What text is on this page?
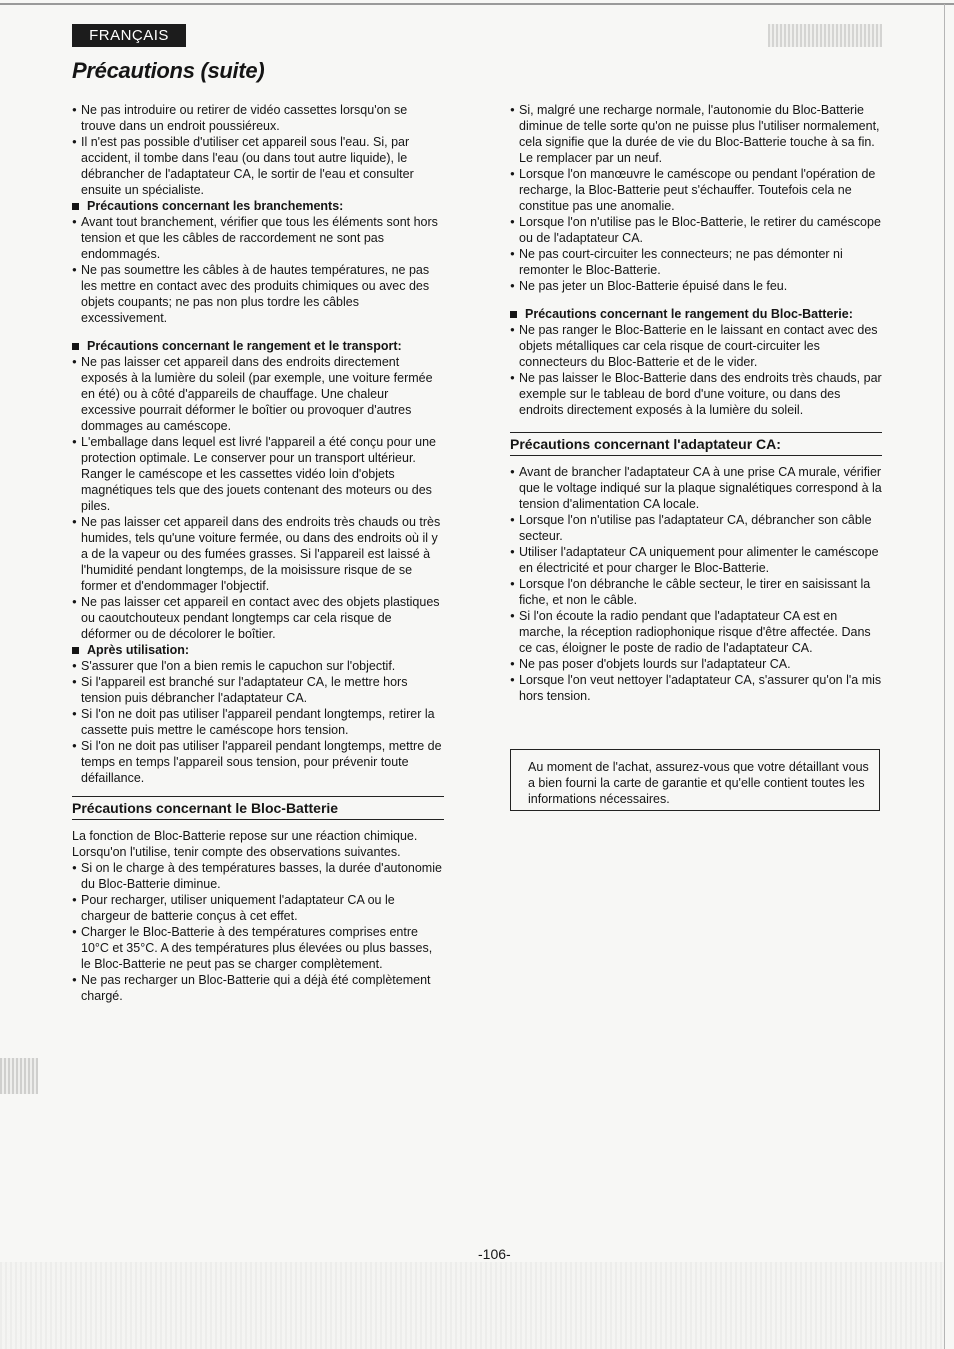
FRANÇAIS
Précautions (suite)
● Ne pas introduire ou retirer de vidéo cassettes lorsqu'on se trouve dans un endroit poussiéreux.
● Il n'est pas possible d'utiliser cet appareil sous l'eau. Si, par accident, il tombe dans l'eau (ou dans tout autre liquide), le débrancher de l'adaptateur CA, le sortir de l'eau et consulter ensuite un spécialiste.

Précautions concernant les branchements:

● Avant tout branchement, vérifier que tous les éléments sont hors tension et que les câbles de raccordement ne sont pas endommagés.
● Ne pas soumettre les câbles à de hautes températures, ne pas les mettre en contact avec des produits chimiques ou avec des objets coupants; ne pas non plus tordre les câbles excessivement.

Précautions concernant le rangement et le transport:

● Ne pas laisser cet appareil dans des endroits directement exposés à la lumière du soleil (par exemple, une voiture fermée en été) ou à côté d'appareils de chauffage. Une chaleur excessive pourrait déformer le boîtier ou provoquer d'autres dommages au caméscope.
● L'emballage dans lequel est livré l'appareil a été conçu pour une protection optimale. Le conserver pour un transport ultérieur. Ranger le caméscope et les cassettes vidéo loin d'objets magnétiques tels que des jouets contenant des moteurs ou des piles.
● Ne pas laisser cet appareil dans des endroits très chauds ou très humides, tels qu'une voiture fermée, ou dans des endroits où il y a de la vapeur ou des fumées grasses. Si l'appareil est laissé à l'humidité pendant longtemps, de la moisissure risque de se former et d'endommager l'objectif.
● Ne pas laisser cet appareil en contact avec des objets plastiques ou caoutchouteux pendant longtemps car cela risque de déformer ou de décolorer le boîtier.

Après utilisation:

● S'assurer que l'on a bien remis le capuchon sur l'objectif.
● Si l'appareil est branché sur l'adaptateur CA, le mettre hors tension puis débrancher l'adaptateur CA.
● Si l'on ne doit pas utiliser l'appareil pendant longtemps, retirer la cassette puis mettre le caméscope hors tension.
● Si l'on ne doit pas utiliser l'appareil pendant longtemps, mettre de temps en temps l'appareil sous tension, pour prévenir toute défaillance.
Précautions concernant le Bloc-Batterie

La fonction de Bloc-Batterie repose sur une réaction chimique. Lorsqu'on l'utilise, tenir compte des observations suivantes.

● Si on le charge à des températures basses, la durée d'autonomie du Bloc-Batterie diminue.
● Pour recharger, utiliser uniquement l'adaptateur CA ou le chargeur de batterie conçus à cet effet.
● Charger le Bloc-Batterie à des températures comprises entre 10°C et 35°C. A des températures plus élevées ou plus basses, le Bloc-Batterie ne peut pas se charger complètement.
● Ne pas recharger un Bloc-Batterie qui a déjà été complètement chargé.
● Si, malgré une recharge normale, l'autonomie du Bloc-Batterie diminue de telle sorte qu'on ne puisse plus l'utiliser normalement, cela signifie que la durée de vie du Bloc-Batterie touche à sa fin. Le remplacer par un neuf.
● Lorsque l'on manœuvre le caméscope ou pendant l'opération de recharge, la Bloc-Batterie peut s'échauffer. Toutefois cela ne constitue pas une anomalie.
● Lorsque l'on n'utilise pas le Bloc-Batterie, le retirer du caméscope ou de l'adaptateur CA.
● Ne pas court-circuiter les connecteurs; ne pas démonter ni remonter le Bloc-Batterie.
● Ne pas jeter un Bloc-Batterie épuisé dans le feu.

Précautions concernant le rangement du Bloc-Batterie:

● Ne pas ranger le Bloc-Batterie en le laissant en contact avec des objets métalliques car cela risque de court-circuiter les connecteurs du Bloc-Batterie et de le vider.
● Ne pas laisser le Bloc-Batterie dans des endroits très chauds, par exemple sur le tableau de bord d'une voiture, ou dans des endroits directement exposés à la lumière du soleil.
Précautions concernant l'adaptateur CA:
● Avant de brancher l'adaptateur CA à une prise CA murale, vérifier que le voltage indiqué sur la plaque signalétiques correspond à la tension d'alimentation CA locale.
● Lorsque l'on n'utilise pas l'adaptateur CA, débrancher son câble secteur.
● Utiliser l'adaptateur CA uniquement pour alimenter le caméscope en électricité et pour charger le Bloc-Batterie.
● Lorsque l'on débranche le câble secteur, le tirer en saisissant la fiche, et non le câble.
● Si l'on écoute la radio pendant que l'adaptateur CA est en marche, la réception radiophonique risque d'être affectée. Dans ce cas, éloigner le poste de radio de l'adaptateur CA.
● Ne pas poser d'objets lourds sur l'adaptateur CA.
● Lorsque l'on veut nettoyer l'adaptateur CA, s'assurer qu'on l'a mis hors tension.
Au moment de l'achat, assurez-vous que votre détaillant vous a bien fourni la carte de garantie et qu'elle contient toutes les informations nécessaires.
-106-
